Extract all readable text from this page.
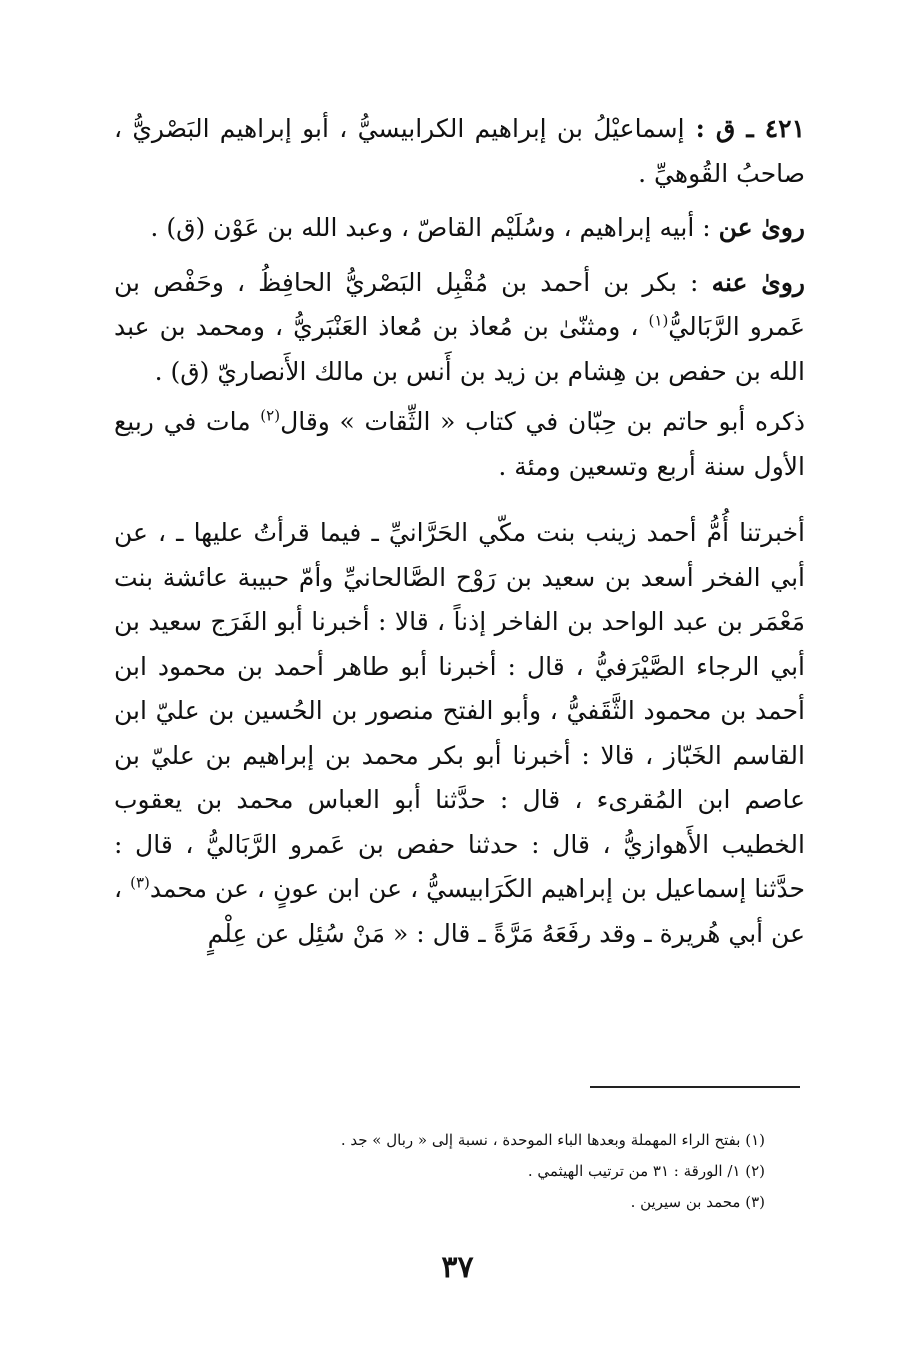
٤٢١ ـ ق : إسماعيْلُ بن إبراهيم الكرابيسيُّ ، أبو إبراهيم البَصْريُّ ، صاحبُ القُوهيِّ .

روىٰ عن : أبيه إبراهيم ، وسُلَيْم القاصّ ، وعبد الله بن عَوْن (ق) .

روىٰ عنه : بكر بن أحمد بن مُقْبِل البَصْريُّ الحافِظُ ، وحَفْص بن عَمرو الرَّبَاليُّ$^{(١)}$ ، ومثنّىٰ بن مُعاذ بن مُعاذ العَنْبَريُّ ، ومحمد بن عبد الله بن حفص بن هِشام بن زيد بن أَنس بن مالك الأَنصاريّ (ق) .

ذكره أبو حاتم بن حِبّان في كتاب « الثِّقات » وقال$^{(٢)}$ مات في ربيع الأول سنة أربع وتسعين ومئة .

أخبرتنا أُمُّ أحمد زينب بنت مكّي الحَرَّانيِّ ـ فيما قرأتُ عليها ـ ، عن أبي الفخر أسعد بن سعيد بن رَوْح الصَّالحانيِّ وأمّ حبيبة عائشة بنت مَعْمَر بن عبد الواحد بن الفاخر إذناً ، قالا : أخبرنا أبو الفَرَج سعيد بن أبي الرجاء الصَّيْرَفيُّ ، قال : أخبرنا أبو طاهر أحمد بن محمود ابن أحمد بن محمود الثَّقَفيُّ ، وأبو الفتح منصور بن الحُسين بن عليّ ابن القاسم الخَبّاز ، قالا : أخبرنا أبو بكر محمد بن إبراهيم بن عليّ بن عاصم ابن المُقرىء ، قال : حدَّثنا أبو العباس محمد بن يعقوب الخطيب الأَهوازيُّ ، قال : حدثنا حفص بن عَمرو الرَّبَاليُّ ، قال : حدَّثنا إسماعيل بن إبراهيم الكَرَابيسيُّ ، عن ابن عونٍ ، عن محمد$^{(٣)}$ ، عن أبي هُريرة ـ وقد رفَعَهُ مَرَّةً ـ قال : « مَنْ سُئِل عن عِلْمٍ

(١) بفتح الراء المهملة وبعدها الباء الموحدة ، نسبة إلى « ربال » جد .
(٢) ١/ الورقة : ٣١ من ترتيب الهيثمي .
(٣) محمد بن سيرين .
٣٧
